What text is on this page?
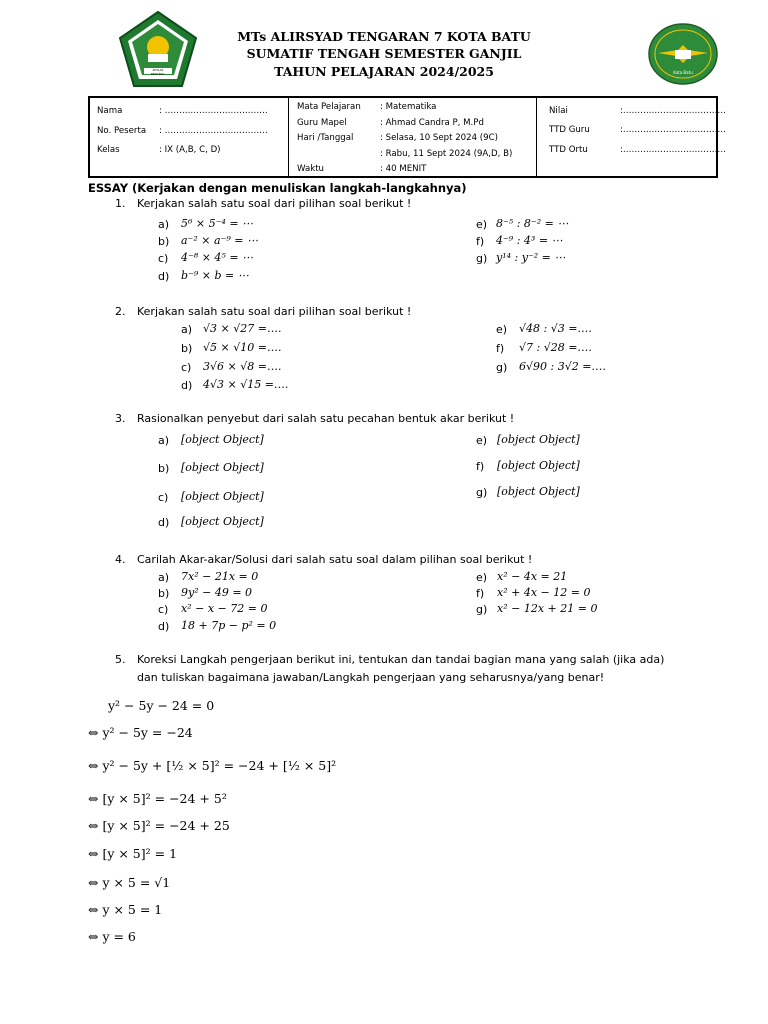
IKHLAS BERAMAL
MTs ALIRSYAD TENGARAN 7 KOTA BATU
SUMATIF TENGAH SEMESTER GANJIL
TAHUN PELAJARAN 2024/2025	Kota Batu
Nama	: ………………………………
No. Peserta : ………………………………
Kelas	: IX (A,B, C, D)
Mata Pelajaran : Matematika
Guru Mapel	: Ahmad Candra P, M.Pd
Hari /Tanggal	: Selasa, 10 Sept 2024 (9C)
: Rabu, 11 Sept 2024 (9A,D, B)
Waktu	: 40 MENIT
Nilai	:………………………………
TTD Guru	:………………………………
TTD Ortu	:………………………………
ESSAY (Kerjakan dengan menuliskan langkah-langkahnya)
1. Kerjakan salah satu soal dari pilihan soal berikut !
a) 5⁶ × 5⁻⁴ = ⋯
b) a⁻² × a⁻⁹ = ⋯
c) 4⁻⁸ × 4⁵ = ⋯
d) b⁻⁹ × b = ⋯
e) 8⁻⁵ : 8⁻² = ⋯
f) 4⁻⁹ : 4³ = ⋯
g) y¹⁴ : y⁻² = ⋯
2. Kerjakan salah satu soal dari pilihan soal berikut !
a) √3 × √27 =….
b) √5 × √10 =….
c) 3√6 × √8 =….
d) 4√3 × √15 =….
e) √48 : √3 =….
f) √7 : √28 =….
g) 6√90 : 3√2 =….
3. Rasionalkan penyebut dari salah satu pecahan bentuk akar berikut !
a) [object Object]
b) [object Object]
c) [object Object]
d) [object Object]
e) [object Object]
f) [object Object]
g) [object Object]
4. Carilah Akar-akar/Solusi dari salah satu soal dalam pilihan soal berikut !
a) 7x² − 21x = 0
b) 9y² − 49 = 0
c) x² − x − 72 = 0
d) 18 + 7p − p² = 0
e) x² − 4x = 21
f) x² + 4x − 12 = 0
g) x² − 12x + 21 = 0
5. Koreksi Langkah pengerjaan berikut ini, tentukan dan tandai bagian mana yang salah (jika ada)
dan tuliskan bagaimana jawaban/Langkah pengerjaan yang seharusnya/yang benar!
y² − 5y − 24 = 0
⇔ y² − 5y = −24
⇔ y² − 5y + [½ × 5]² = −24 + [½ × 5]²
⇔ [y × 5]² = −24 + 5²
⇔ [y × 5]² = −24 + 25
⇔ [y × 5]² = 1
⇔ y × 5 = √1
⇔ y × 5 = 1
⇔ y = 6
